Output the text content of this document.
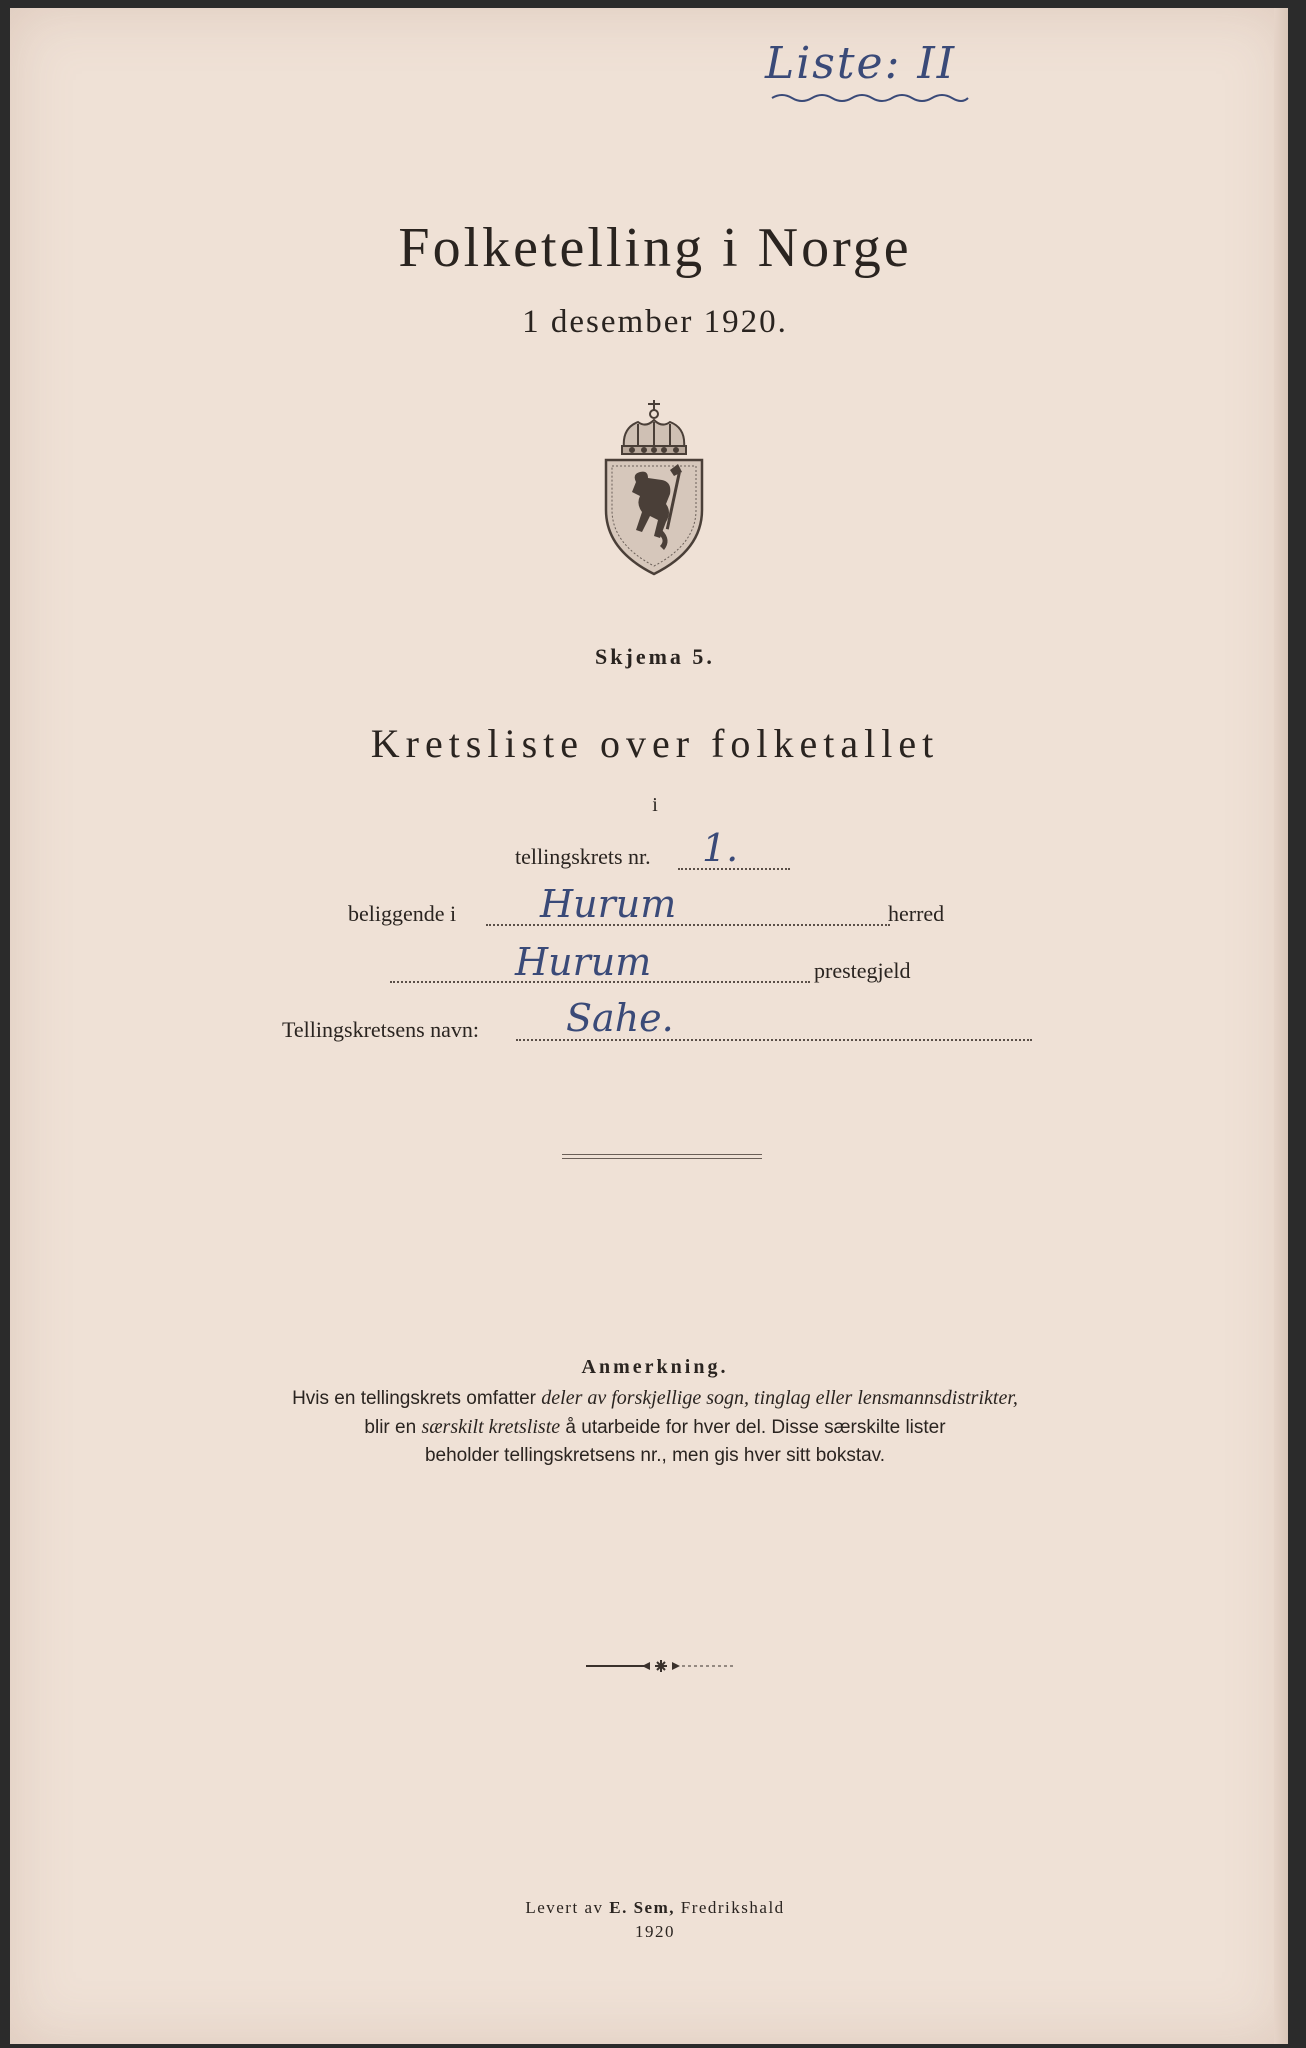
Liste: II
Folketelling i Norge
1 desember 1920.
Skjema 5.
Kretsliste over folketallet
i
tellingskrets nr. 1.
beliggende i Hurum	herred
Hurum	prestegjeld
Tellingskretsens navn: Sahe.
Anmerkning.
Hvis en tellingskrets omfatter deler av forskjellige sogn, tinglag eller lensmannsdistrikter,
blir en særskilt kretsliste å utarbeide for hver del. Disse særskilte lister
beholder tellingskretsens nr., men gis hver sitt bokstav.
Levert av E. Sem, Fredrikshald
1920
